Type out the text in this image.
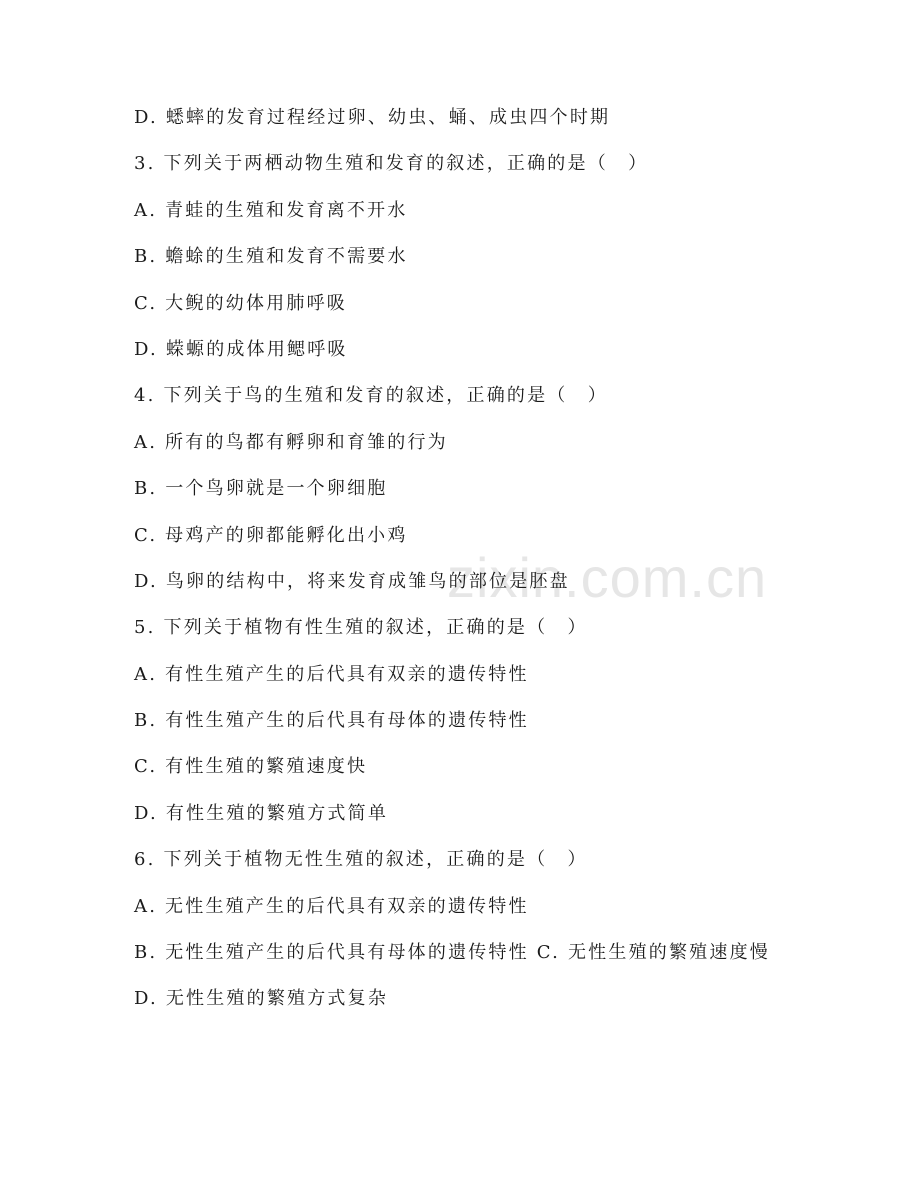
zixin.com.cn
D. 蟋蟀的发育过程经过卵、幼虫、蛹、成虫四个时期
3. 下列关于两栖动物生殖和发育的叙述，正确的是（　）
A. 青蛙的生殖和发育离不开水
B. 蟾蜍的生殖和发育不需要水
C. 大鲵的幼体用肺呼吸
D. 蝾螈的成体用鳃呼吸
4. 下列关于鸟的生殖和发育的叙述，正确的是（　）
A. 所有的鸟都有孵卵和育雏的行为
B. 一个鸟卵就是一个卵细胞
C. 母鸡产的卵都能孵化出小鸡
D. 鸟卵的结构中，将来发育成雏鸟的部位是胚盘
5. 下列关于植物有性生殖的叙述，正确的是（　）
A. 有性生殖产生的后代具有双亲的遗传特性
B. 有性生殖产生的后代具有母体的遗传特性
C. 有性生殖的繁殖速度快
D. 有性生殖的繁殖方式简单
6. 下列关于植物无性生殖的叙述，正确的是（　）
A. 无性生殖产生的后代具有双亲的遗传特性
B. 无性生殖产生的后代具有母体的遗传特性 C. 无性生殖的繁殖速度慢
D. 无性生殖的繁殖方式复杂
